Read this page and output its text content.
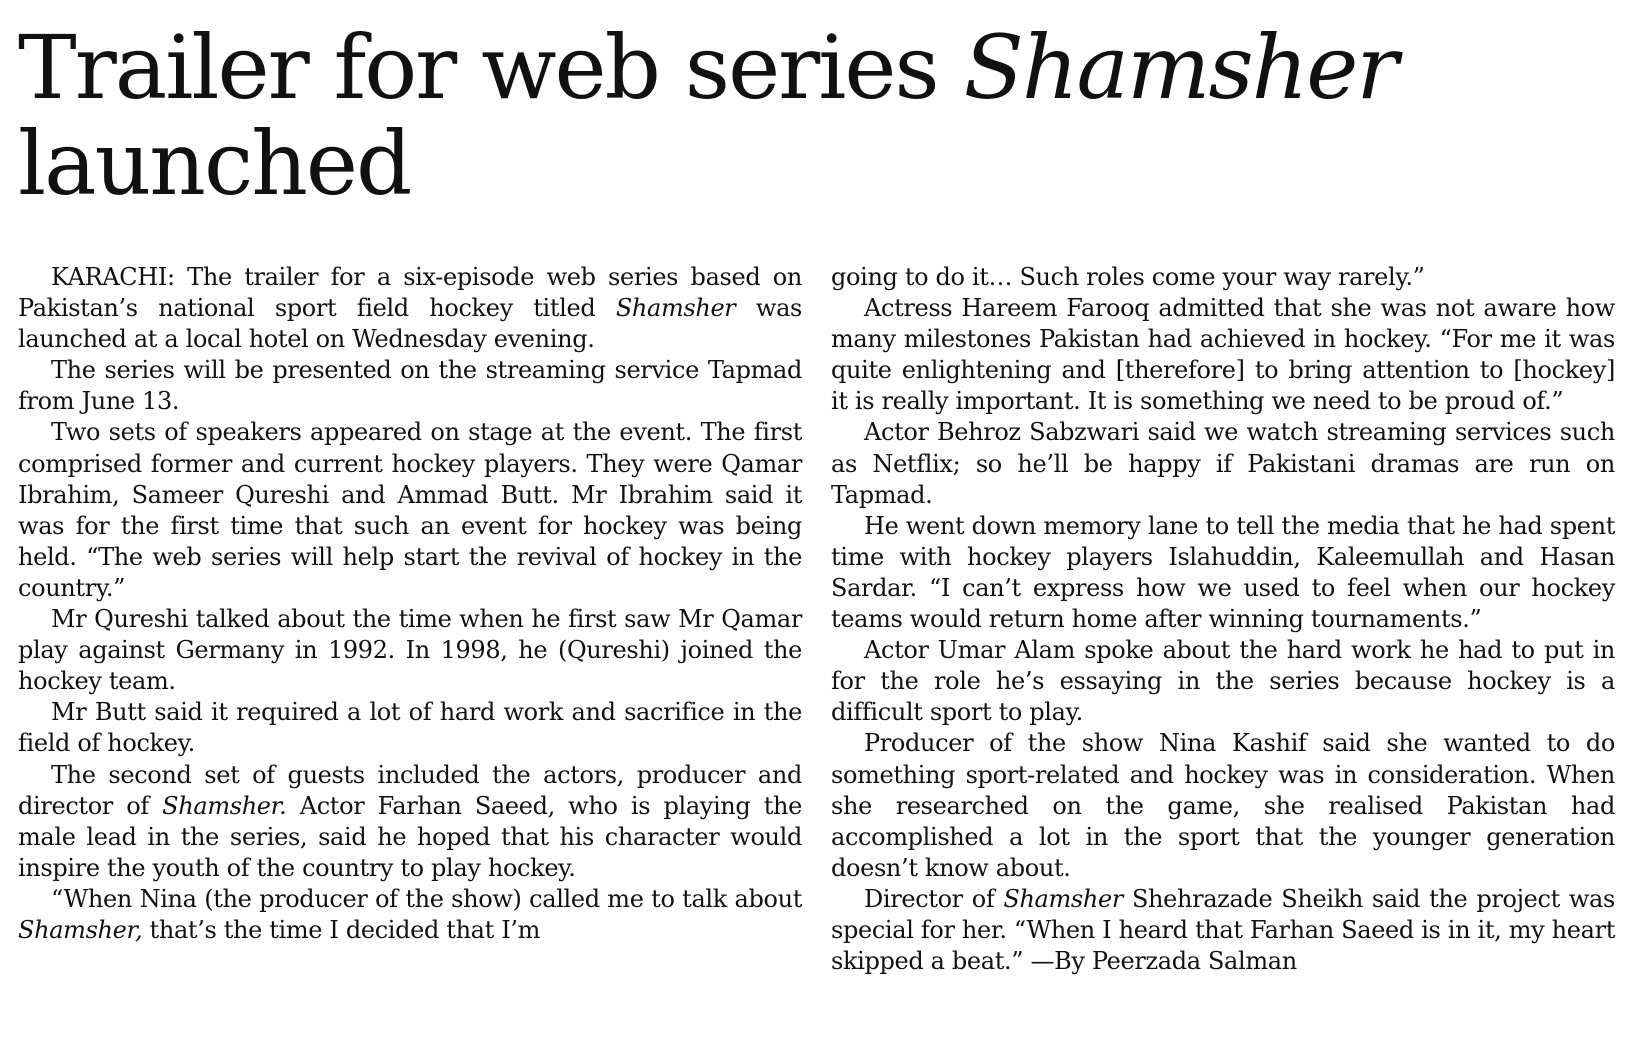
Trailer for web series Shamsher launched

KARACHI: The trailer for a six-episode web series based on Pakistan’s national sport field hockey titled Shamsher was launched at a local hotel on Wednesday evening.

The series will be presented on the streaming service Tapmad from June 13.

Two sets of speakers appeared on stage at the event. The first comprised former and current hockey players. They were Qamar Ibrahim, Sameer Qureshi and Ammad Butt. Mr Ibrahim said it was for the first time that such an event for hockey was being held. “The web series will help start the revival of hockey in the country.”

Mr Qureshi talked about the time when he first saw Mr Qamar play against Germany in 1992. In 1998, he (Qureshi) joined the hockey team.

Mr Butt said it required a lot of hard work and sacrifice in the field of hockey.

The second set of guests included the actors, producer and director of Shamsher. Actor Farhan Saeed, who is playing the male lead in the series, said he hoped that his character would inspire the youth of the country to play hockey.

“When Nina (the producer of the show) called me to talk about Shamsher, that’s the time I decided that I’m

going to do it… Such roles come your way rarely.”

Actress Hareem Farooq admitted that she was not aware how many milestones Pakistan had achieved in hockey. “For me it was quite enlightening and [therefore] to bring attention to [hockey] it is really important. It is something we need to be proud of.”

Actor Behroz Sabzwari said we watch streaming services such as Netflix; so he’ll be happy if Pakistani dramas are run on Tapmad.

He went down memory lane to tell the media that he had spent time with hockey players Islahuddin, Kaleemullah and Hasan Sardar. “I can’t express how we used to feel when our hockey teams would return home after winning tournaments.”

Actor Umar Alam spoke about the hard work he had to put in for the role he’s essaying in the series because hockey is a difficult sport to play.

Producer of the show Nina Kashif said she wanted to do something sport-related and hockey was in consideration. When she researched on the game, she realised Pakistan had accomplished a lot in the sport that the younger generation doesn’t know about.

Director of Shamsher Shehrazade Sheikh said the project was special for her. “When I heard that Farhan Saeed is in it, my heart skipped a beat.” —By Peerzada Salman
